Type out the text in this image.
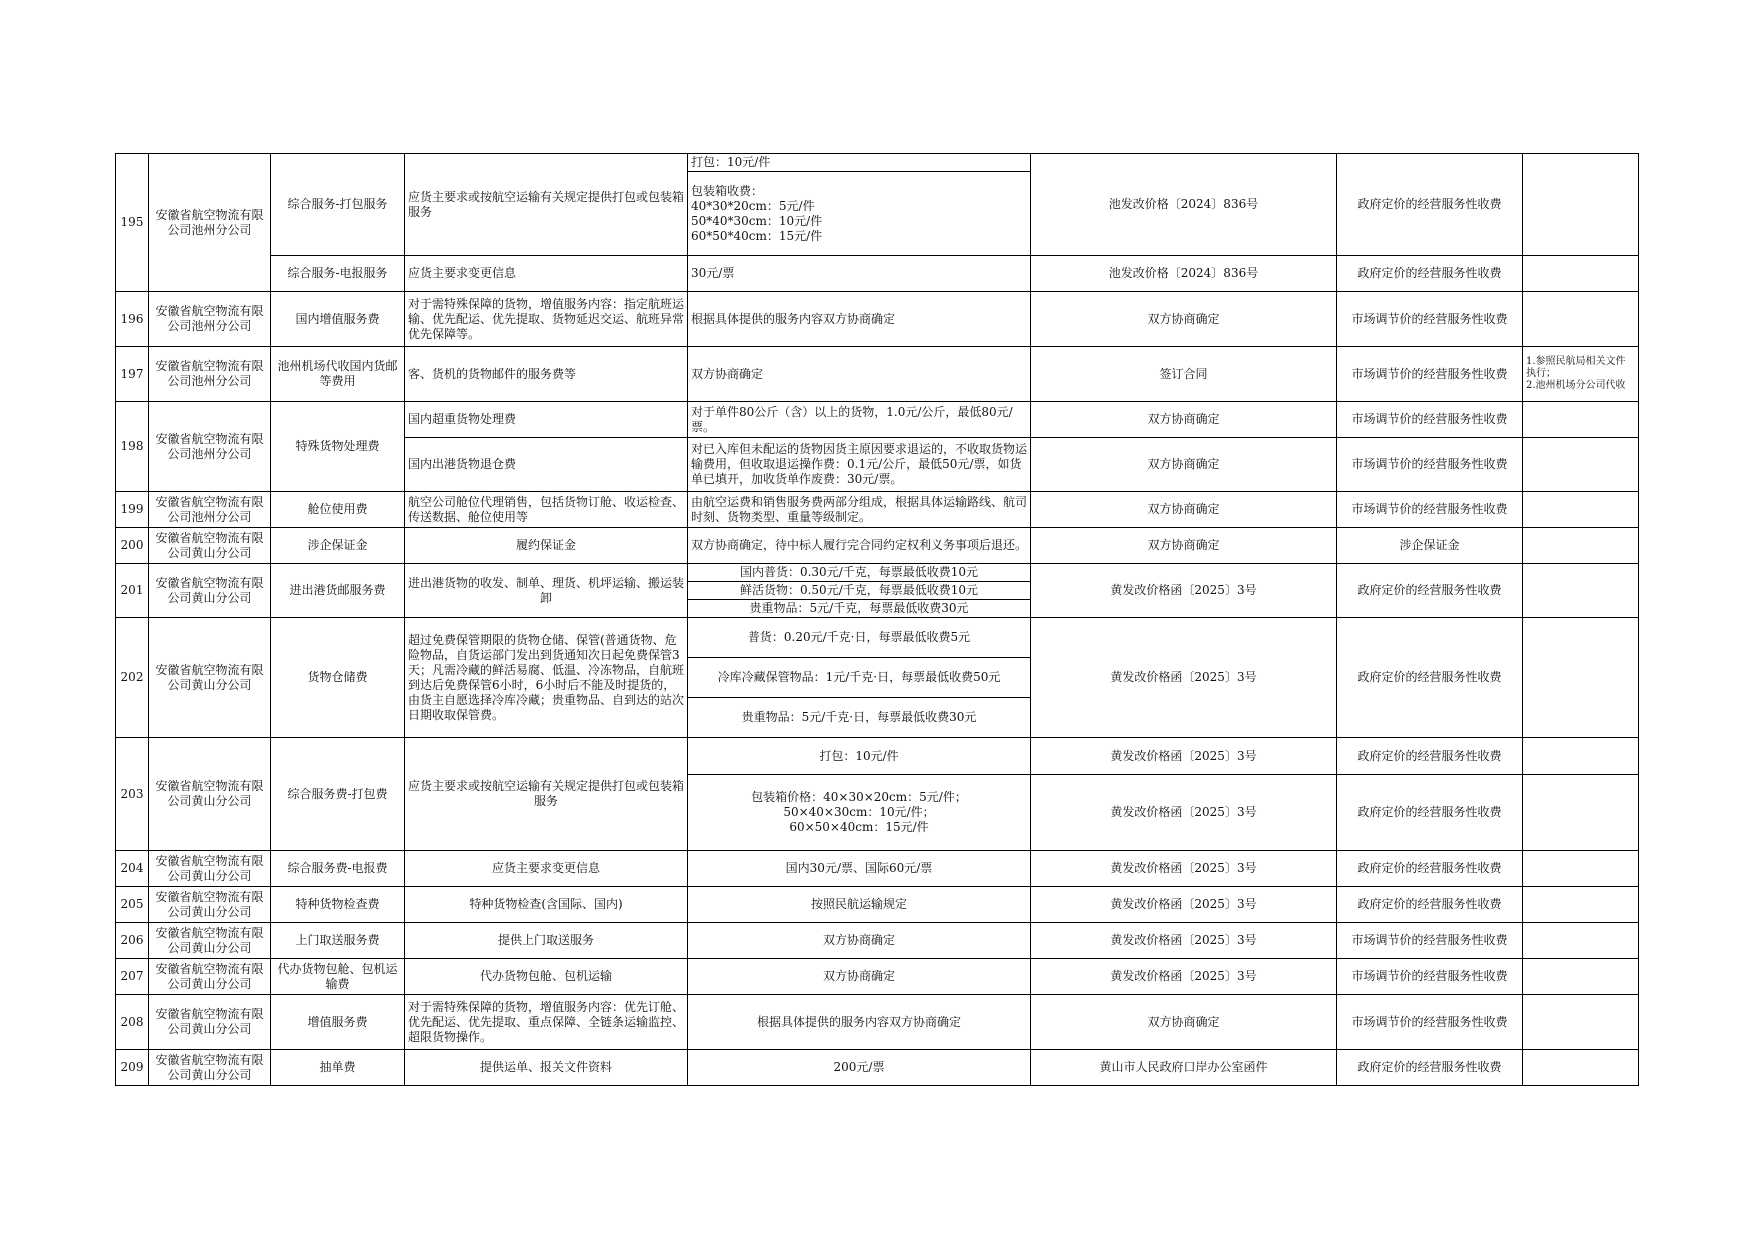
195	安徽省航空物流有限公司池州分公司	综合服务-打包服务	应货主要求或按航空运输有关规定提供打包或包装箱服务	打包：10元/件	池发改价格〔2024〕836号	政府定价的经营服务性收费	
				包装箱收费：
40*30*20cm：5元/件
50*40*30cm：10元/件
60*50*40cm：15元/件			
		综合服务-电报服务	应货主要求变更信息	30元/票	池发改价格〔2024〕836号	政府定价的经营服务性收费	
196	安徽省航空物流有限公司池州分公司	国内增值服务费	对于需特殊保障的货物，增值服务内容：指定航班运输、优先配运、优先提取、货物延迟交运、航班异常优先保障等。	根据具体提供的服务内容双方协商确定	双方协商确定	市场调节价的经营服务性收费	
197	安徽省航空物流有限公司池州分公司	池州机场代收国内货邮等费用	客、货机的货物邮件的服务费等	双方协商确定	签订合同	市场调节价的经营服务性收费	1.参照民航局相关文件执行；
2.池州机场分公司代收
198	安徽省航空物流有限公司池州分公司	特殊货物处理费	国内超重货物处理费	对于单件80公斤（含）以上的货物，1.0元/公斤，最低80元/票。	双方协商确定	市场调节价的经营服务性收费	
			国内出港货物退仓费	对已入库但未配运的货物因货主原因要求退运的，不收取货物运输费用，但收取退运操作费：0.1元/公斤，最低50元/票，如货单已填开，加收货单作废费：30元/票。	双方协商确定	市场调节价的经营服务性收费	
199	安徽省航空物流有限公司池州分公司	舱位使用费	航空公司舱位代理销售，包括货物订舱、收运检查、传送数据、舱位使用等	由航空运费和销售服务费两部分组成，根据具体运输路线、航司时刻、货物类型、重量等级制定。	双方协商确定	市场调节价的经营服务性收费	
200	安徽省航空物流有限公司黄山分公司	涉企保证金	履约保证金	双方协商确定，待中标人履行完合同约定权利义务事项后退还。	双方协商确定	涉企保证金	
201	安徽省航空物流有限公司黄山分公司	进出港货邮服务费	进出港货物的收发、制单、理货、机坪运输、搬运装卸	国内普货：0.30元/千克，每票最低收费10元	黄发改价格函〔2025〕3号	政府定价的经营服务性收费	
				鲜活货物：0.50元/千克，每票最低收费10元			
				贵重物品：5元/千克，每票最低收费30元			
202	安徽省航空物流有限公司黄山分公司	货物仓储费	超过免费保管期限的货物仓储、保管(普通货物、危险物品，自货运部门发出到货通知次日起免费保管3天；凡需冷藏的鲜活易腐、低温、冷冻物品，自航班到达后免费保管6小时，6小时后不能及时提货的，由货主自愿选择冷库冷藏；贵重物品、自到达的站次日期收取保管费。	普货：0.20元/千克·日，每票最低收费5元	黄发改价格函〔2025〕3号	政府定价的经营服务性收费	
				冷库冷藏保管物品：1元/千克·日，每票最低收费50元			
				贵重物品：5元/千克·日，每票最低收费30元			
203	安徽省航空物流有限公司黄山分公司	综合服务费-打包费	应货主要求或按航空运输有关规定提供打包或包装箱服务	打包：10元/件	黄发改价格函〔2025〕3号	政府定价的经营服务性收费	
				包装箱价格：40×30×20cm：5元/件；
50×40×30cm：10元/件；
60×50×40cm：15元/件	黄发改价格函〔2025〕3号	政府定价的经营服务性收费	
204	安徽省航空物流有限公司黄山分公司	综合服务费-电报费	应货主要求变更信息	国内30元/票、国际60元/票	黄发改价格函〔2025〕3号	政府定价的经营服务性收费	
205	安徽省航空物流有限公司黄山分公司	特种货物检查费	特种货物检查(含国际、国内)	按照民航运输规定	黄发改价格函〔2025〕3号	政府定价的经营服务性收费	
206	安徽省航空物流有限公司黄山分公司	上门取送服务费	提供上门取送服务	双方协商确定	黄发改价格函〔2025〕3号	市场调节价的经营服务性收费	
207	安徽省航空物流有限公司黄山分公司	代办货物包舱、包机运输费	代办货物包舱、包机运输	双方协商确定	黄发改价格函〔2025〕3号	市场调节价的经营服务性收费	
208	安徽省航空物流有限公司黄山分公司	增值服务费	对于需特殊保障的货物，增值服务内容：优先订舱、优先配运、优先提取、重点保障、全链条运输监控、超限货物操作。	根据具体提供的服务内容双方协商确定	双方协商确定	市场调节价的经营服务性收费	
209	安徽省航空物流有限公司黄山分公司	抽单费	提供运单、报关文件资料	200元/票	黄山市人民政府口岸办公室函件	政府定价的经营服务性收费	
